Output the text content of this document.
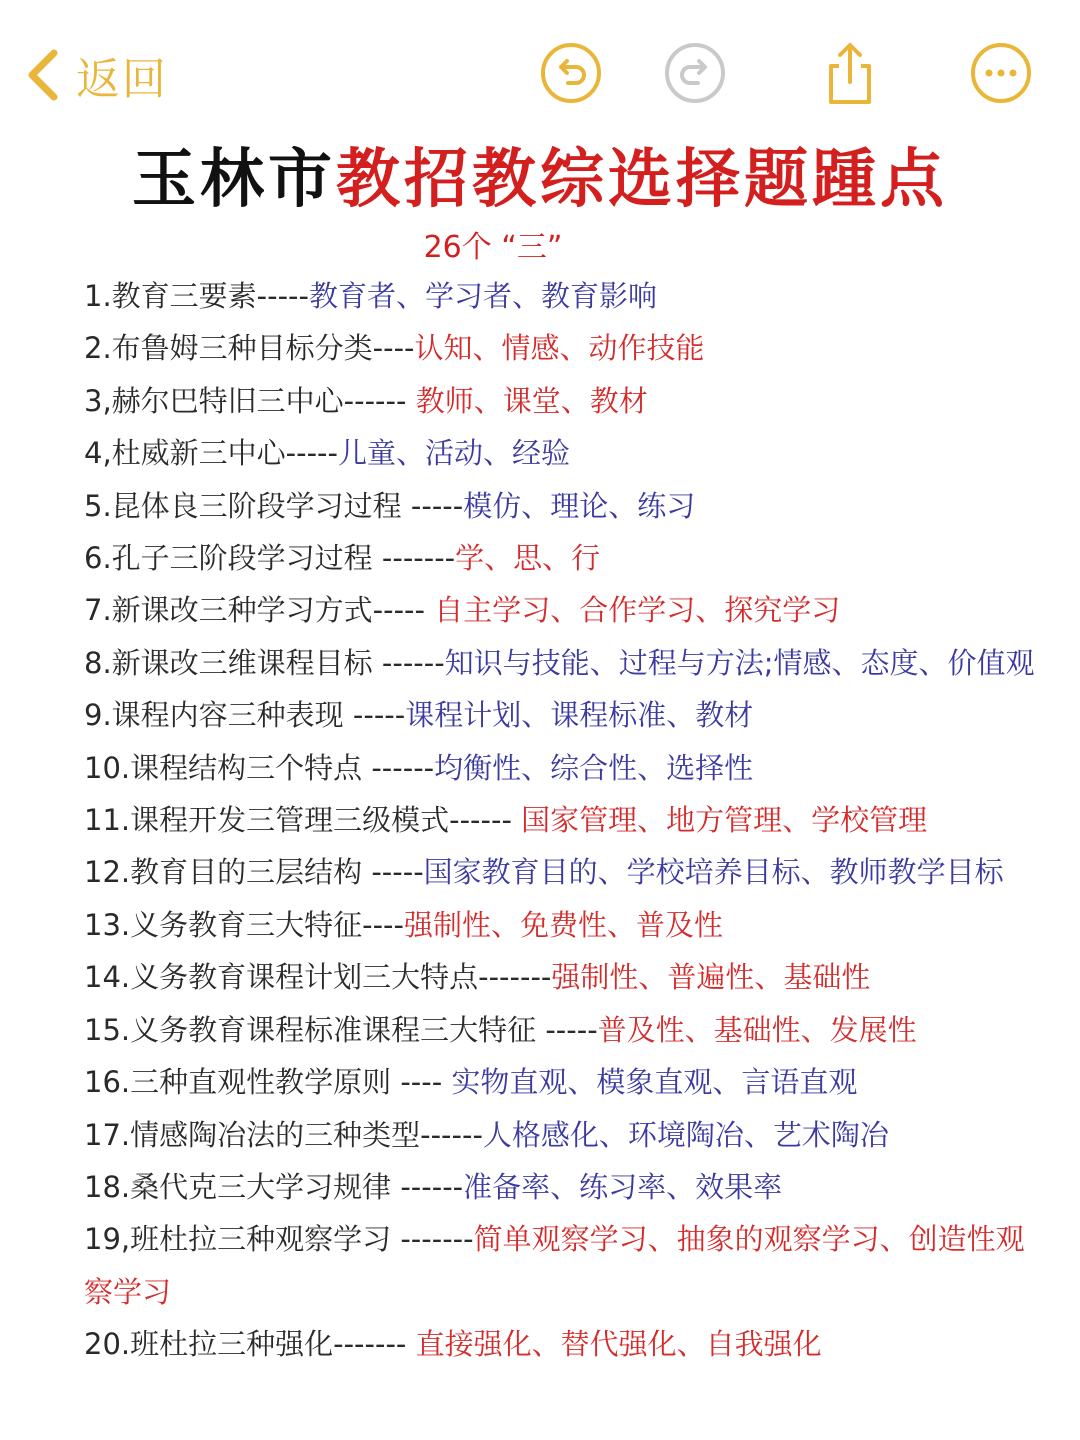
返回
玉林市教招教综选择题踵点
26个 “三”
1.教育三要素-----教育者、学习者、教育影响
2.布鲁姆三种目标分类----认知、情感、动作技能
3,赫尔巴特旧三中心------ 教师、课堂、教材
4,杜威新三中心-----儿童、活动、经验
5.昆体良三阶段学习过程 -----模仿、理论、练习
6.孔子三阶段学习过程 -------学、思、行
7.新课改三种学习方式----- 自主学习、合作学习、探究学习
8.新课改三维课程目标 ------知识与技能、过程与方法;情感、态度、价值观
9.课程内容三种表现 -----课程计划、课程标准、教材
10.课程结构三个特点 ------均衡性、综合性、选择性
11.课程开发三管理三级模式------ 国家管理、地方管理、学校管理
12.教育目的三层结构 -----国家教育目的、学校培养目标、教师教学目标
13.义务教育三大特征----强制性、免费性、普及性
14.义务教育课程计划三大特点-------强制性、普遍性、基础性
15.义务教育课程标准课程三大特征 -----普及性、基础性、发展性
16.三种直观性教学原则 ---- 实物直观、模象直观、言语直观
17.情感陶冶法的三种类型------人格感化、环境陶冶、艺术陶冶
18.桑代克三大学习规律 ------准备率、练习率、效果率
19,班杜拉三种观察学习 -------简单观察学习、抽象的观察学习、创造性观察学习
20.班杜拉三种强化------- 直接强化、替代强化、自我强化
